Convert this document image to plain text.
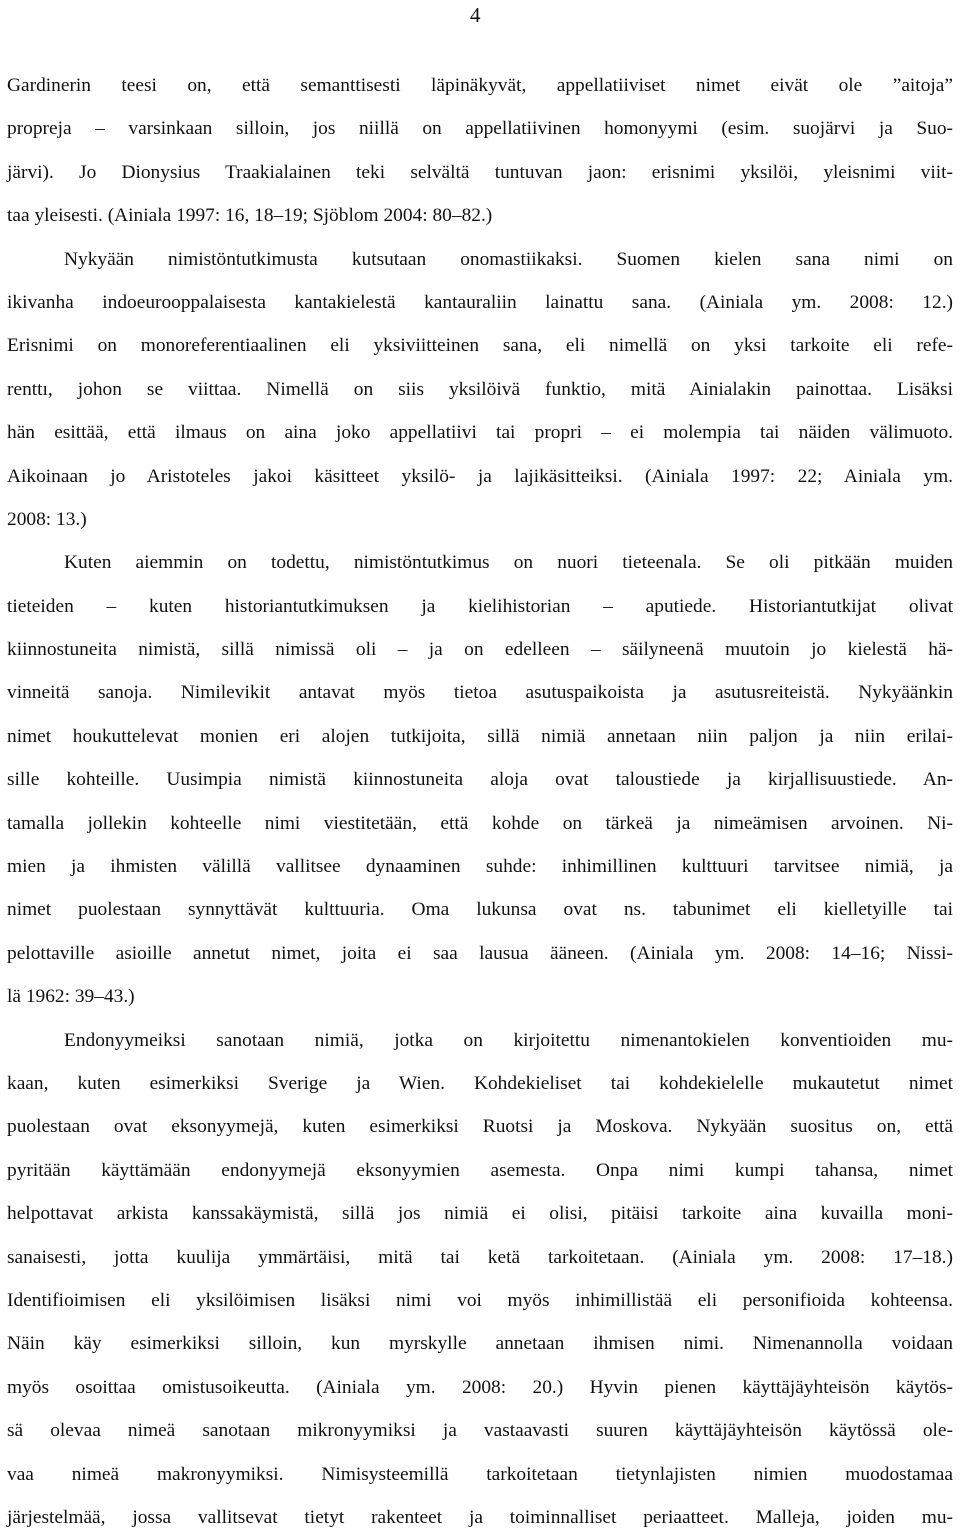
4
Gardinerin teesi on, että semanttisesti läpinäkyvät, appellatiiviset nimet eivät ole ”aitoja”
propreja – varsinkaan silloin, jos niillä on appellatiivinen homonyymi (esim. suojärvi ja Suo-
järvi). Jo Dionysius Traakialainen teki selvältä tuntuvan jaon: erisnimi yksilöi, yleisnimi viit-
taa yleisesti. (Ainiala 1997: 16, 18–19; Sjöblom 2004: 80–82.)
Nykyään nimistöntutkimusta kutsutaan onomastiikaksi. Suomen kielen sana nimi on
ikivanha indoeurooppalaisesta kantakielestä kantauraliin lainattu sana. (Ainiala ym. 2008: 12.)
Erisnimi on monoreferentiaalinen eli yksiviitteinen sana, eli nimellä on yksi tarkoite eli refe-
renttı, johon se viittaa. Nimellä on siis yksilöivä funktio, mitä Ainialakin painottaa. Lisäksi
hän esittää, että ilmaus on aina joko appellatiivi tai propri – ei molempia tai näiden välimuoto.
Aikoinaan jo Aristoteles jakoi käsitteet yksilö- ja lajikäsitteiksi. (Ainiala 1997: 22; Ainiala ym.
2008: 13.)
Kuten aiemmin on todettu, nimistöntutkimus on nuori tieteenala. Se oli pitkään muiden
tieteiden – kuten historiantutkimuksen ja kielihistorian – aputiede. Historiantutkijat olivat
kiinnostuneita nimistä, sillä nimissä oli – ja on edelleen – säilyneenä muutoin jo kielestä hä-
vinneitä sanoja. Nimilevikit antavat myös tietoa asutuspaikoista ja asutusreiteistä. Nykyäänkin
nimet houkuttelevat monien eri alojen tutkijoita, sillä nimiä annetaan niin paljon ja niin erilai-
sille kohteille. Uusimpia nimistä kiinnostuneita aloja ovat taloustiede ja kirjallisuustiede. An-
tamalla jollekin kohteelle nimi viestitetään, että kohde on tärkeä ja nimeämisen arvoinen. Ni-
mien ja ihmisten välillä vallitsee dynaaminen suhde: inhimillinen kulttuuri tarvitsee nimiä, ja
nimet puolestaan synnyttävät kulttuuria. Oma lukunsa ovat ns. tabunimet eli kielletyille tai
pelottaville asioille annetut nimet, joita ei saa lausua ääneen. (Ainiala ym. 2008: 14–16; Nissi-
lä 1962: 39–43.)
Endonyymeiksi sanotaan nimiä, jotka on kirjoitettu nimenantokielen konventioiden mu-
kaan, kuten esimerkiksi Sverige ja Wien. Kohdekieliset tai kohdekielelle mukautetut nimet
puolestaan ovat eksonyymejä, kuten esimerkiksi Ruotsi ja Moskova. Nykyään suositus on, että
pyritään käyttämään endonyymejä eksonyymien asemesta. Onpa nimi kumpi tahansa, nimet
helpottavat arkista kanssakäymistä, sillä jos nimiä ei olisi, pitäisi tarkoite aina kuvailla moni-
sanaisesti, jotta kuulija ymmärtäisi, mitä tai ketä tarkoitetaan. (Ainiala ym. 2008: 17–18.)
Identifioimisen eli yksilöimisen lisäksi nimi voi myös inhimillistää eli personifioida kohteensa.
Näin käy esimerkiksi silloin, kun myrskylle annetaan ihmisen nimi. Nimenannolla voidaan
myös osoittaa omistusoikeutta. (Ainiala ym. 2008: 20.) Hyvin pienen käyttäjäyhteisön käytös-
sä olevaa nimeä sanotaan mikronyymiksi ja vastaavasti suuren käyttäjäyhteisön käytössä ole-
vaa nimeä makronyymiksi. Nimisysteemillä tarkoitetaan tietynlajisten nimien muodostamaa
järjestelmää, jossa vallitsevat tietyt rakenteet ja toiminnalliset periaatteet. Malleja, joiden mu-
